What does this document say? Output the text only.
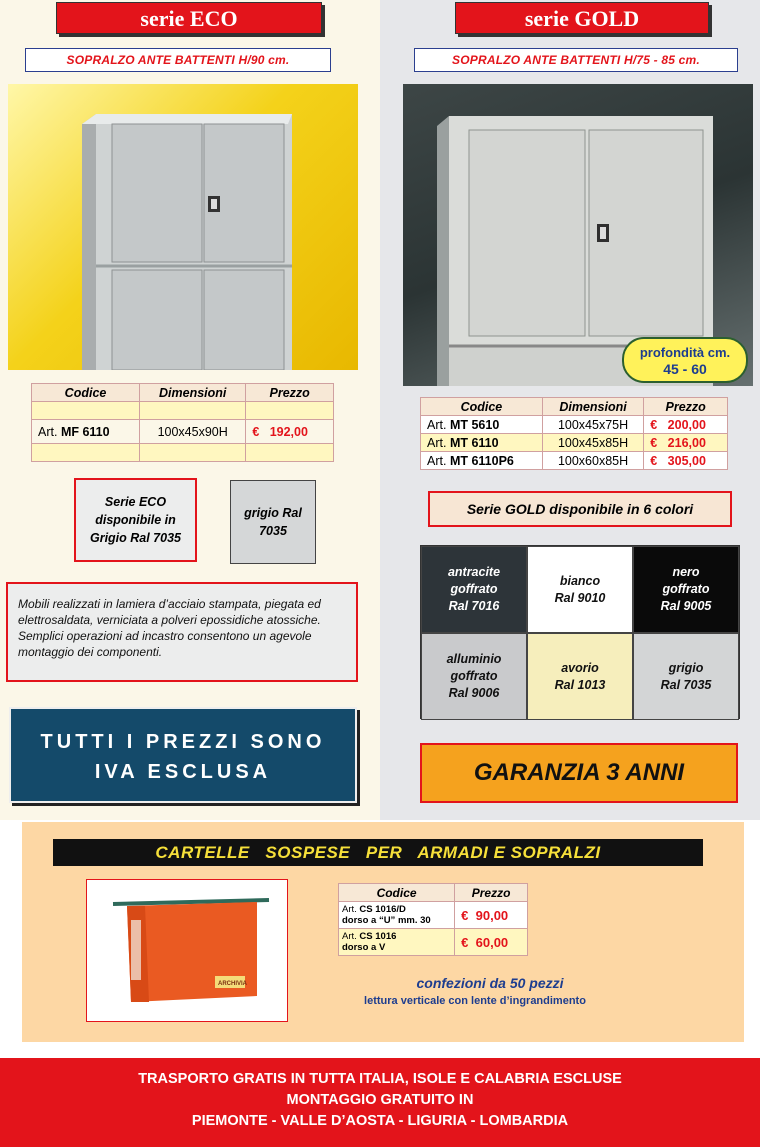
serie ECO
SOPRALZO ANTE BATTENTI H/90 cm.
Codice	Dimensioni	Prezzo

Art. MF 6110	100x45x90H	€ 192,00

Serie ECO disponibile in Grigio Ral 7035
grigio Ral 7035
Mobili realizzati in lamiera d’acciaio stampata, piegata ed elettrosaldata, verniciata a polveri epossidiche atossiche. Semplici operazioni ad incastro consentono un agevole montaggio dei componenti.
TUTTI I PREZZI SONO
IVA ESCLUSA
serie GOLD
SOPRALZO ANTE BATTENTI H/75 - 85 cm.
profondità cm.
45 - 60
Codice	Dimensioni	Prezzo
Art. MT 5610	100x45x75H	€ 200,00
Art. MT 6110	100x45x85H	€ 216,00
Art. MT 6110P6	100x60x85H	€ 305,00
Serie GOLD disponibile in 6 colori
antracite
goffrato
Ral 7016
bianco
Ral 9010
nero
goffrato
Ral 9005
alluminio
goffrato
Ral 9006
avorio
Ral 1013
grigio
Ral 7035
GARANZIA 3 ANNI
CARTELLE   SOSPESE   PER   ARMADI E SOPRALZI
ARCHIVIA
Codice	Prezzo
Art. CS 1016/D
dorso a “U” mm. 30	€ 90,00
Art. CS 1016
dorso a V	€ 60,00
confezioni da 50 pezzi
lettura verticale con lente d’ingrandimento
TRASPORTO GRATIS IN TUTTA ITALIA, ISOLE E CALABRIA ESCLUSE
MONTAGGIO GRATUITO IN
PIEMONTE - VALLE D’AOSTA - LIGURIA - LOMBARDIA
